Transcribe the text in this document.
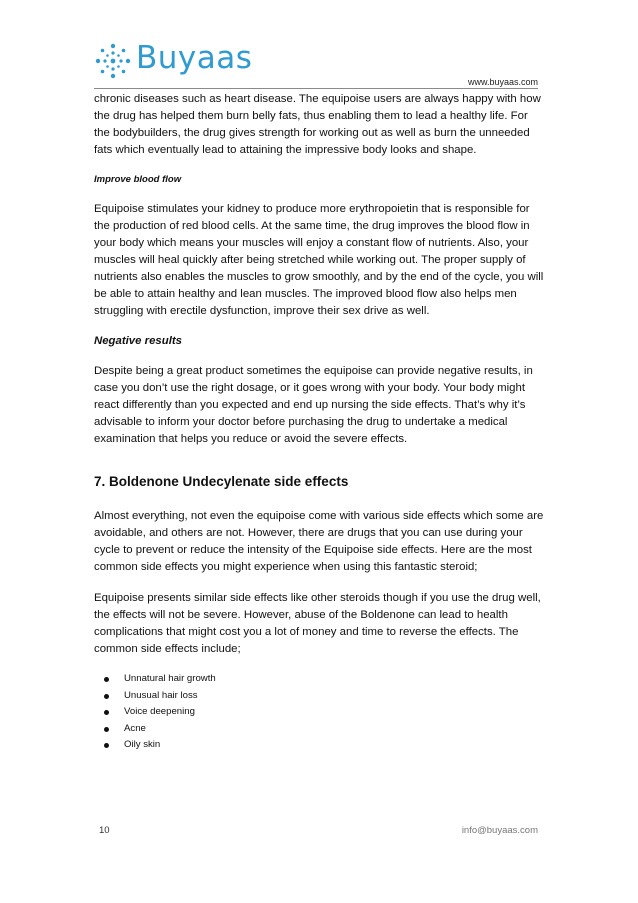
Buyaas
www.buyaas.com

chronic diseases such as heart disease. The equipoise users are always happy with how the drug has helped them burn belly fats, thus enabling them to lead a healthy life. For the bodybuilders, the drug gives strength for working out as well as burn the unneeded fats which eventually lead to attaining the impressive body looks and shape.

Improve blood flow

Equipoise stimulates your kidney to produce more erythropoietin that is responsible for the production of red blood cells. At the same time, the drug improves the blood flow in your body which means your muscles will enjoy a constant flow of nutrients. Also, your muscles will heal quickly after being stretched while working out. The proper supply of nutrients also enables the muscles to grow smoothly, and by the end of the cycle, you will be able to attain healthy and lean muscles. The improved blood flow also helps men struggling with erectile dysfunction, improve their sex drive as well.

Negative results

Despite being a great product sometimes the equipoise can provide negative results, in case you don’t use the right dosage, or it goes wrong with your body. Your body might react differently than you expected and end up nursing the side effects. That’s why it’s advisable to inform your doctor before purchasing the drug to undertake a medical examination that helps you reduce or avoid the severe effects.

7. Boldenone Undecylenate side effects

Almost everything, not even the equipoise come with various side effects which some are avoidable, and others are not. However, there are drugs that you can use during your cycle to prevent or reduce the intensity of the Equipoise side effects. Here are the most common side effects you might experience when using this fantastic steroid;

Equipoise presents similar side effects like other steroids though if you use the drug well, the effects will not be severe. However, abuse of the Boldenone can lead to health complications that might cost you a lot of money and time to reverse the effects. The common side effects include;

Unnatural hair growth
Unusual hair loss
Voice deepening
Acne
Oily skin
10	info@buyaas.com
